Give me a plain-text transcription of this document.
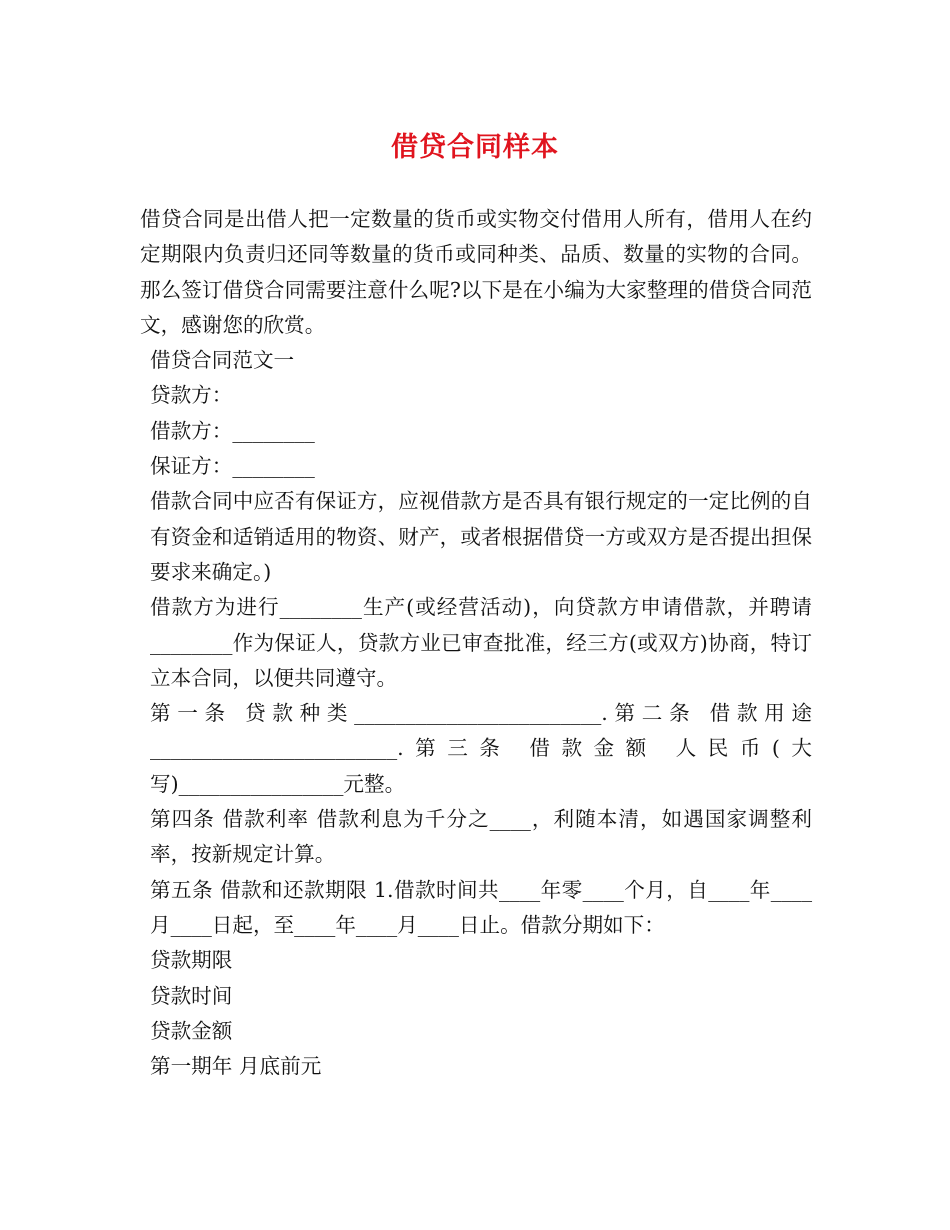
借贷合同样本

借贷合同是出借人把一定数量的货币或实物交付借用人所有，借用人在约定期限内负责归还同等数量的货币或同种类、品质、数量的实物的合同。那么签订借贷合同需要注意什么呢?以下是在小编为大家整理的借贷合同范文，感谢您的欣赏。

借贷合同范文一

贷款方：

借款方：________

保证方：________

借款合同中应否有保证方，应视借款方是否具有银行规定的一定比例的自有资金和适销适用的物资、财产，或者根据借贷一方或双方是否提出担保要求来确定。)

借款方为进行________生产(或经营活动)，向贷款方申请借款，并聘请________作为保证人，贷款方业已审查批准，经三方(或双方)协商，特订立本合同，以便共同遵守。

第一条 贷款种类________________________.第二条 借款用途________________________.第三条 借款金额 人民币(大写)________________元整。

第四条 借款利率 借款利息为千分之____，利随本清，如遇国家调整利率，按新规定计算。

第五条 借款和还款期限 1.借款时间共____年零____个月，自____年____月____日起，至____年____月____日止。借款分期如下：

贷款期限

贷款时间

贷款金额

第一期年 月底前元
